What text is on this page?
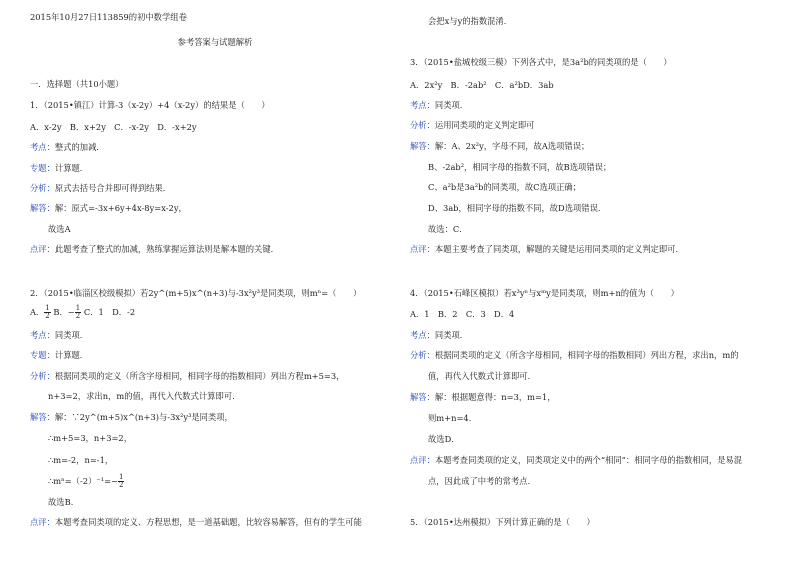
2015年10月27日113859的初中数学组卷
参考答案与试题解析
一．选择题（共10小题）
1．（2015•镇江）计算-3（x-2y）+4（x-2y）的结果是（　　）
A．x-2y　B．x+2y　C．-x-2y　D．-x+2y
考点：整式的加减．
专题：计算题．
分析：原式去括号合并即可得到结果．
解答：解：原式=-3x+6y+4x-8y=x-2y，
故选A
点评：此题考查了整式的加减，熟练掌握运算法则是解本题的关键．
2．（2015•临淄区校级模拟）若2y^(m+5)x^(n+3)与-3x²y³是同类项，则mⁿ=（　　）
A． $\frac{1}{2}$ B．− $\frac{1}{2}$ C．1　D．-2
考点：同类项．
专题：计算题．
分析：根据同类项的定义（所含字母相同，相同字母的指数相同）列出方程m+5=3，
n+3=2，求出n，m的值，再代入代数式计算即可．
解答：解：∵2y^(m+5)x^(n+3)与-3x²y³是同类项，
∴m+5=3，n+3=2，
∴m=-2，n=-1，
∴mⁿ=（-2）⁻¹=− $\frac{1}{2}$
故选B．
点评：本题考查同类项的定义、方程思想，是一道基础题，比较容易解答，但有的学生可能
会把x与y的指数混淆．
3．（2015•盐城校级三模）下列各式中，是3a²b的同类项的是（　　）
A．2x²y　B．-2ab²　C．a²bD．3ab
考点：同类项．
分析：运用同类项的定义判定即可
解答：解：A、2x²y，字母不同，故A选项错误；
B、-2ab²，相同字母的指数不同，故B选项错误；
C、a²b是3a²b的同类项，故C选项正确；
D、3ab，相同字母的指数不同，故D选项错误．
故选：C．
点评：本题主要考查了同类项，解题的关键是运用同类项的定义判定即可．
4．（2015•石峰区模拟）若x³yⁿ与xᵐy是同类项，则m+n的值为（　　）
A．1　B．2　C．3　D．4
考点：同类项．
分析：根据同类项的定义（所含字母相同，相同字母的指数相同）列出方程，求出n，m的
值，再代入代数式计算即可．
解答：解：根据题意得：n=3，m=1，
则m+n=4．
故选D．
点评：本题考查同类项的定义，同类项定义中的两个“相同”：相同字母的指数相同，是易混
点，因此成了中考的常考点．
5．（2015•达州模拟）下列计算正确的是（　　）
